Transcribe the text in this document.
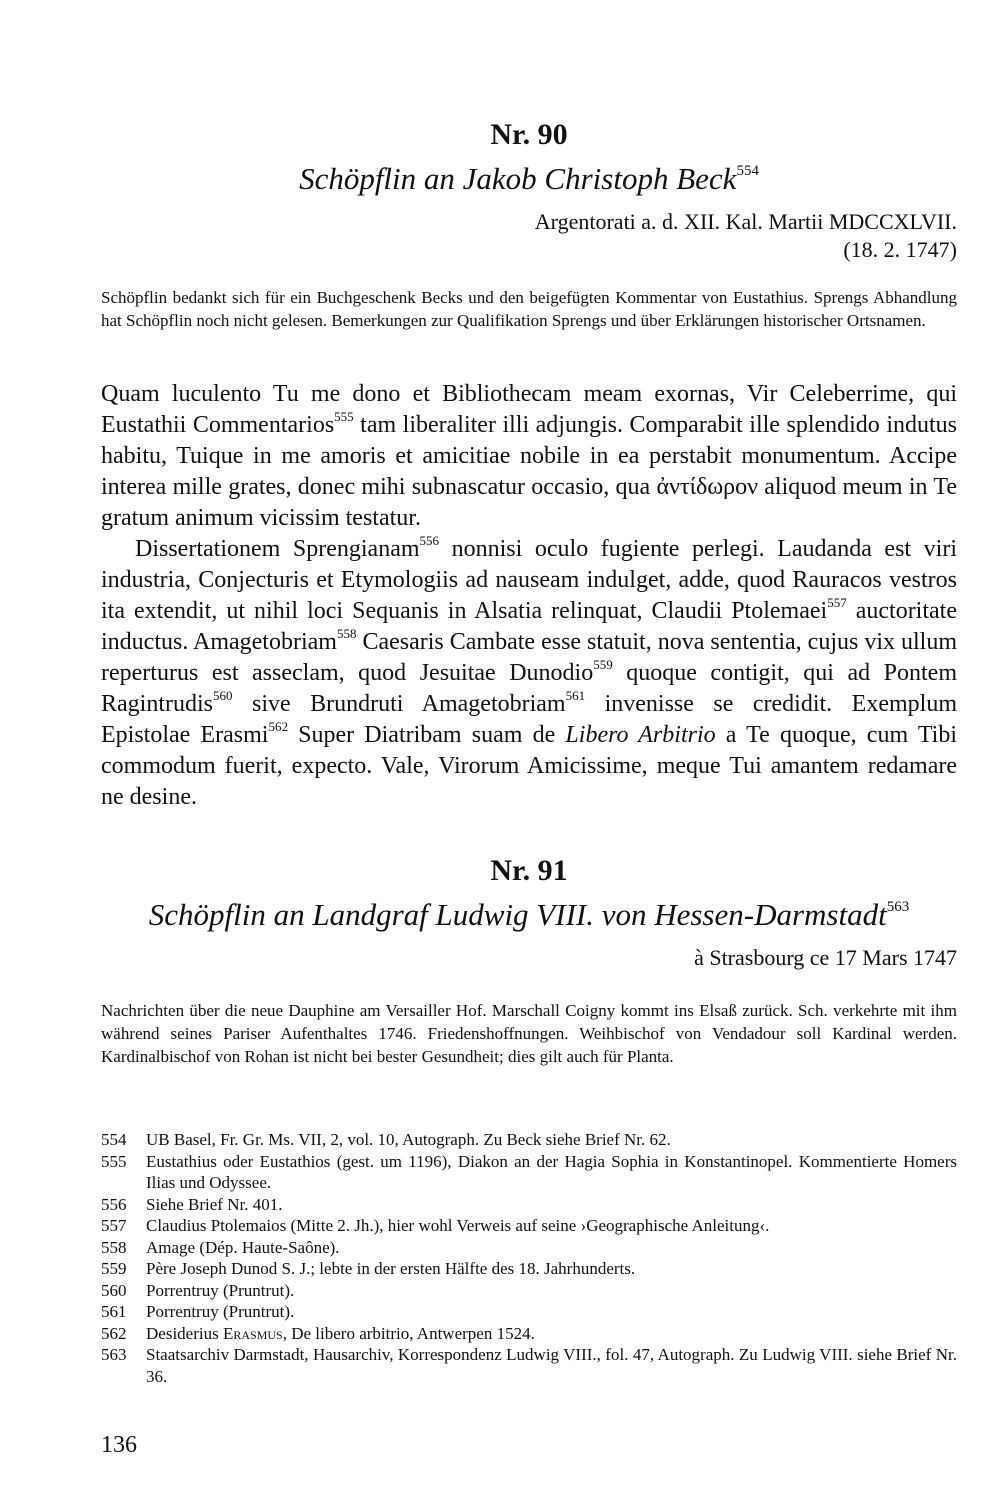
Nr. 90
Schöpflin an Jakob Christoph Beck$^{554}$
Argentorati a. d. XII. Kal. Martii MDCCXLVII.
(18. 2. 1747)
Schöpflin bedankt sich für ein Buchgeschenk Becks und den beigefügten Kommentar von Eustathius. Sprengs Abhandlung hat Schöpflin noch nicht gelesen. Bemerkungen zur Qualifikation Sprengs und über Erklärungen historischer Ortsnamen.

Quam luculento Tu me dono et Bibliothecam meam exornas, Vir Celeberrime, qui Eustathii Commentarios$^{555}$ tam liberaliter illi adjungis. Comparabit ille splendido indutus habitu, Tuique in me amoris et amicitiae nobile in ea perstabit monumentum. Accipe interea mille grates, donec mihi subnascatur occasio, qua ἀντίδωρον aliquod meum in Te gratum animum vicissim testatur.

Dissertationem Sprengianam$^{556}$ nonnisi oculo fugiente perlegi. Laudanda est viri industria, Conjecturis et Etymologiis ad nauseam indulget, adde, quod Rauracos vestros ita extendit, ut nihil loci Sequanis in Alsatia relinquat, Claudii Ptolemaei$^{557}$ auctoritate inductus. Amagetobriam$^{558}$ Caesaris Cambate esse statuit, nova sententia, cujus vix ullum reperturus est asseclam, quod Jesuitae Dunodio$^{559}$ quoque contigit, qui ad Pontem Ragintrudis$^{560}$ sive Brundruti Amagetobriam$^{561}$ invenisse se credidit. Exemplum Epistolae Erasmi$^{562}$ Super Diatribam suam de Libero Arbitrio a Te quoque, cum Tibi commodum fuerit, expecto. Vale, Virorum Amicissime, meque Tui amantem redamare ne desine.

Nr. 91
Schöpflin an Landgraf Ludwig VIII. von Hessen-Darmstadt$^{563}$
à Strasbourg ce 17 Mars 1747
Nachrichten über die neue Dauphine am Versailler Hof. Marschall Coigny kommt ins Elsaß zurück. Sch. verkehrte mit ihm während seines Pariser Aufenthaltes 1746. Friedenshoffnungen. Weihbischof von Vendadour soll Kardinal werden. Kardinalbischof von Rohan ist nicht bei bester Gesundheit; dies gilt auch für Planta.
554	UB Basel, Fr. Gr. Ms. VII, 2, vol. 10, Autograph. Zu Beck siehe Brief Nr. 62.
555	Eustathius oder Eustathios (gest. um 1196), Diakon an der Hagia Sophia in Konstantinopel. Kommentierte Homers Ilias und Odyssee.
556	Siehe Brief Nr. 401.
557	Claudius Ptolemaios (Mitte 2. Jh.), hier wohl Verweis auf seine ›Geographische Anleitung‹.
558	Amage (Dép. Haute-Saône).
559	Père Joseph Dunod S. J.; lebte in der ersten Hälfte des 18. Jahrhunderts.
560	Porrentruy (Pruntrut).
561	Porrentruy (Pruntrut).
562	Desiderius Erasmus, De libero arbitrio, Antwerpen 1524.
563	Staatsarchiv Darmstadt, Hausarchiv, Korrespondenz Ludwig VIII., fol. 47, Autograph. Zu Ludwig VIII. siehe Brief Nr. 36.
136
